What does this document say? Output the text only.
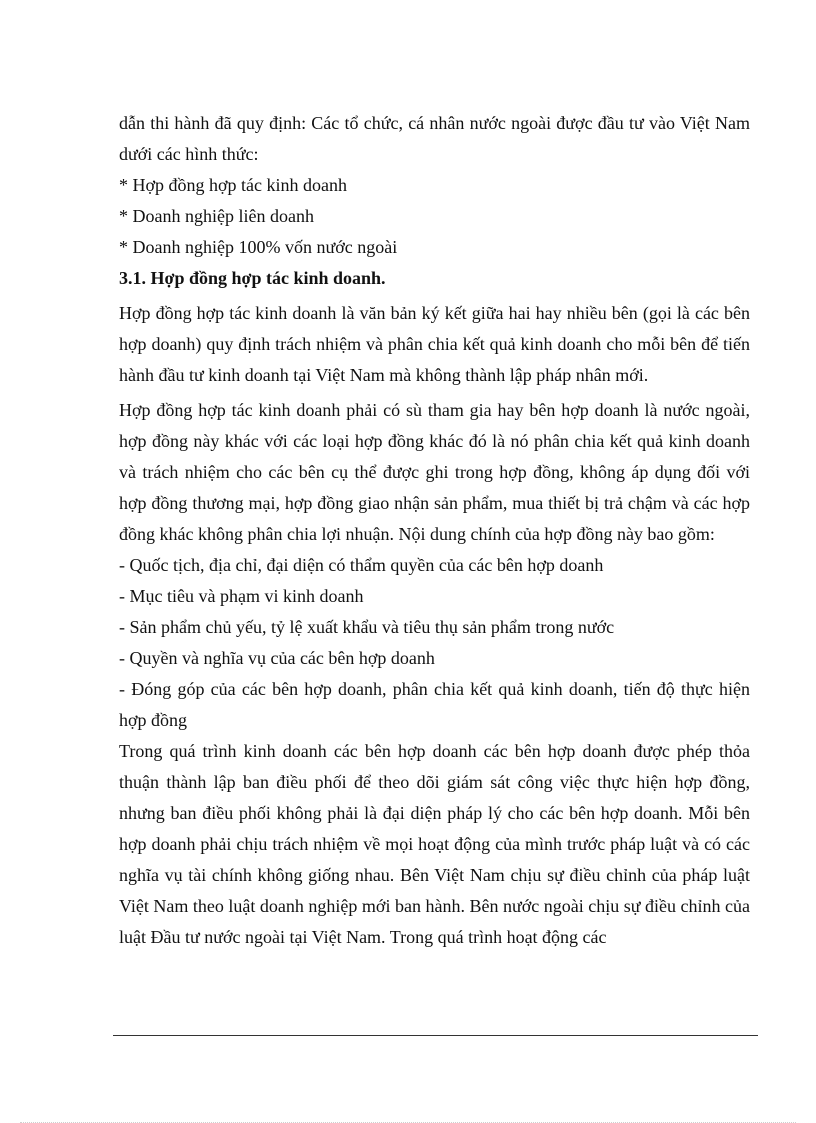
dẫn thi hành đã quy định: Các tổ chức, cá nhân nước ngoài được đầu tư vào Việt Nam dưới các hình thức:

* Hợp đồng hợp tác kinh doanh

* Doanh nghiệp liên doanh

* Doanh nghiệp 100% vốn nước ngoài

3.1. Hợp đồng hợp tác kinh doanh.

Hợp đồng hợp tác kinh doanh là văn bản ký kết giữa hai hay nhiều bên (gọi là các bên hợp doanh) quy định trách nhiệm và phân chia kết quả kinh doanh cho mỗi bên để tiến hành đầu tư kinh doanh tại Việt Nam mà không thành lập pháp nhân mới.

Hợp đồng hợp tác kinh doanh phải có sù tham gia hay bên hợp doanh là nước ngoài, hợp đồng này khác với các loại hợp đồng khác đó là nó phân chia kết quả kinh doanh và trách nhiệm cho các bên cụ thể được ghi trong hợp đồng, không áp dụng đối với hợp đồng thương mại, hợp đồng giao nhận sản phẩm, mua thiết bị trả chậm và các hợp đồng khác không phân chia lợi nhuận. Nội dung chính của hợp đồng này bao gồm:

- Quốc tịch, địa chỉ, đại diện có thẩm quyền của các bên hợp doanh

- Mục tiêu và phạm vi kinh doanh

- Sản phẩm chủ yếu, tỷ lệ xuất khẩu và tiêu thụ sản phẩm trong nước

- Quyền và nghĩa vụ của các bên hợp doanh

- Đóng góp của các bên hợp doanh, phân chia kết quả kinh doanh, tiến độ thực hiện hợp đồng

Trong quá trình kinh doanh các bên hợp doanh các bên hợp doanh được phép thỏa thuận thành lập ban điều phối để theo dõi giám sát công việc thực hiện hợp đồng, nhưng ban điều phối không phải là đại diện pháp lý cho các bên hợp doanh. Mỗi bên hợp doanh phải chịu trách nhiệm về mọi hoạt động của mình trước pháp luật và có các nghĩa vụ tài chính không giống nhau. Bên Việt Nam chịu sự điều chỉnh của pháp luật Việt Nam theo luật doanh nghiệp mới ban hành. Bên nước ngoài chịu sự điều chỉnh của luật Đầu tư nước ngoài tại Việt Nam. Trong quá trình hoạt động các
